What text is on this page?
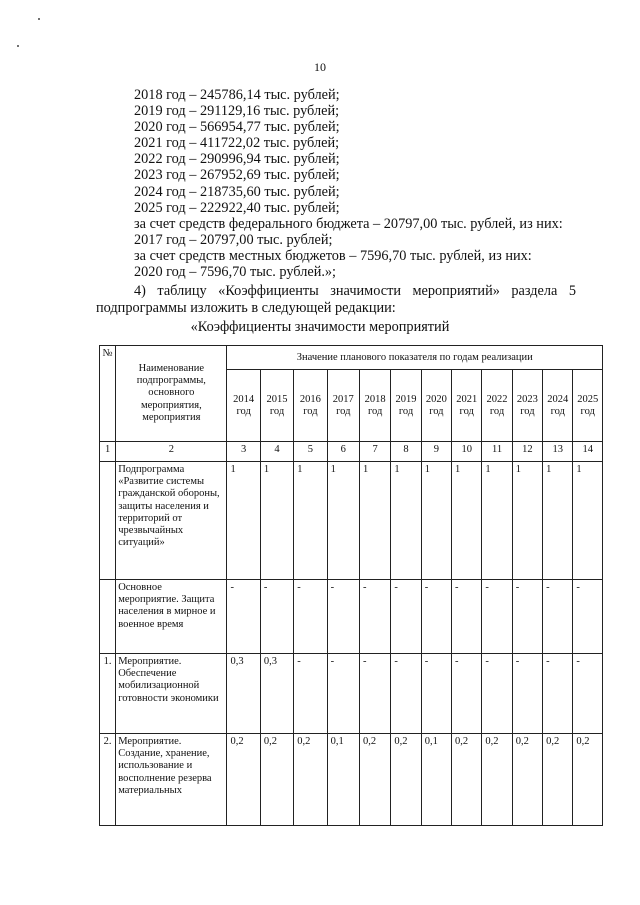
10
2018 год – 245786,14 тыс. рублей;
2019 год – 291129,16 тыс. рублей;
2020 год – 566954,77 тыс. рублей;
2021 год – 411722,02 тыс. рублей;
2022 год – 290996,94 тыс. рублей;
2023 год – 267952,69 тыс. рублей;
2024 год – 218735,60 тыс. рублей;
2025 год – 222922,40 тыс. рублей;
за счет средств федерального бюджета – 20797,00 тыс. рублей, из них:
2017 год – 20797,00 тыс. рублей;
за счет средств местных бюджетов – 7596,70 тыс. рублей, из них:
2020 год – 7596,70 тыс. рублей.»;
4) таблицу «Коэффициенты значимости мероприятий» раздела 5
подпрограммы изложить в следующей редакции:
«Коэффициенты значимости мероприятий
№	Наименование подпрограммы, основного мероприятия, мероприятия	Значение планового показателя по годам реализации											
		2014 год	2015 год	2016 год	2017 год	2018 год	2019 год	2020 год	2021 год	2022 год	2023 год	2024 год	2025 год
1	2	3	4	5	6	7	8	9	10	11	12	13	14
	Подпрограмма «Развитие системы гражданской обороны, защиты населения и территорий от чрезвычайных ситуаций»	1	1	1	1	1	1	1	1	1	1	1	1
	Основное мероприятие. Защита населения в мирное и военное время	-	-	-	-	-	-	-	-	-	-	-	-
1.	Мероприятие. Обеспечение мобилизационной готовности экономики	0,3	0,3	-	-	-	-	-	-	-	-	-	-
2.	Мероприятие. Создание, хранение, использование и восполнение резерва материальных	0,2	0,2	0,2	0,1	0,2	0,2	0,1	0,2	0,2	0,2	0,2	0,2
